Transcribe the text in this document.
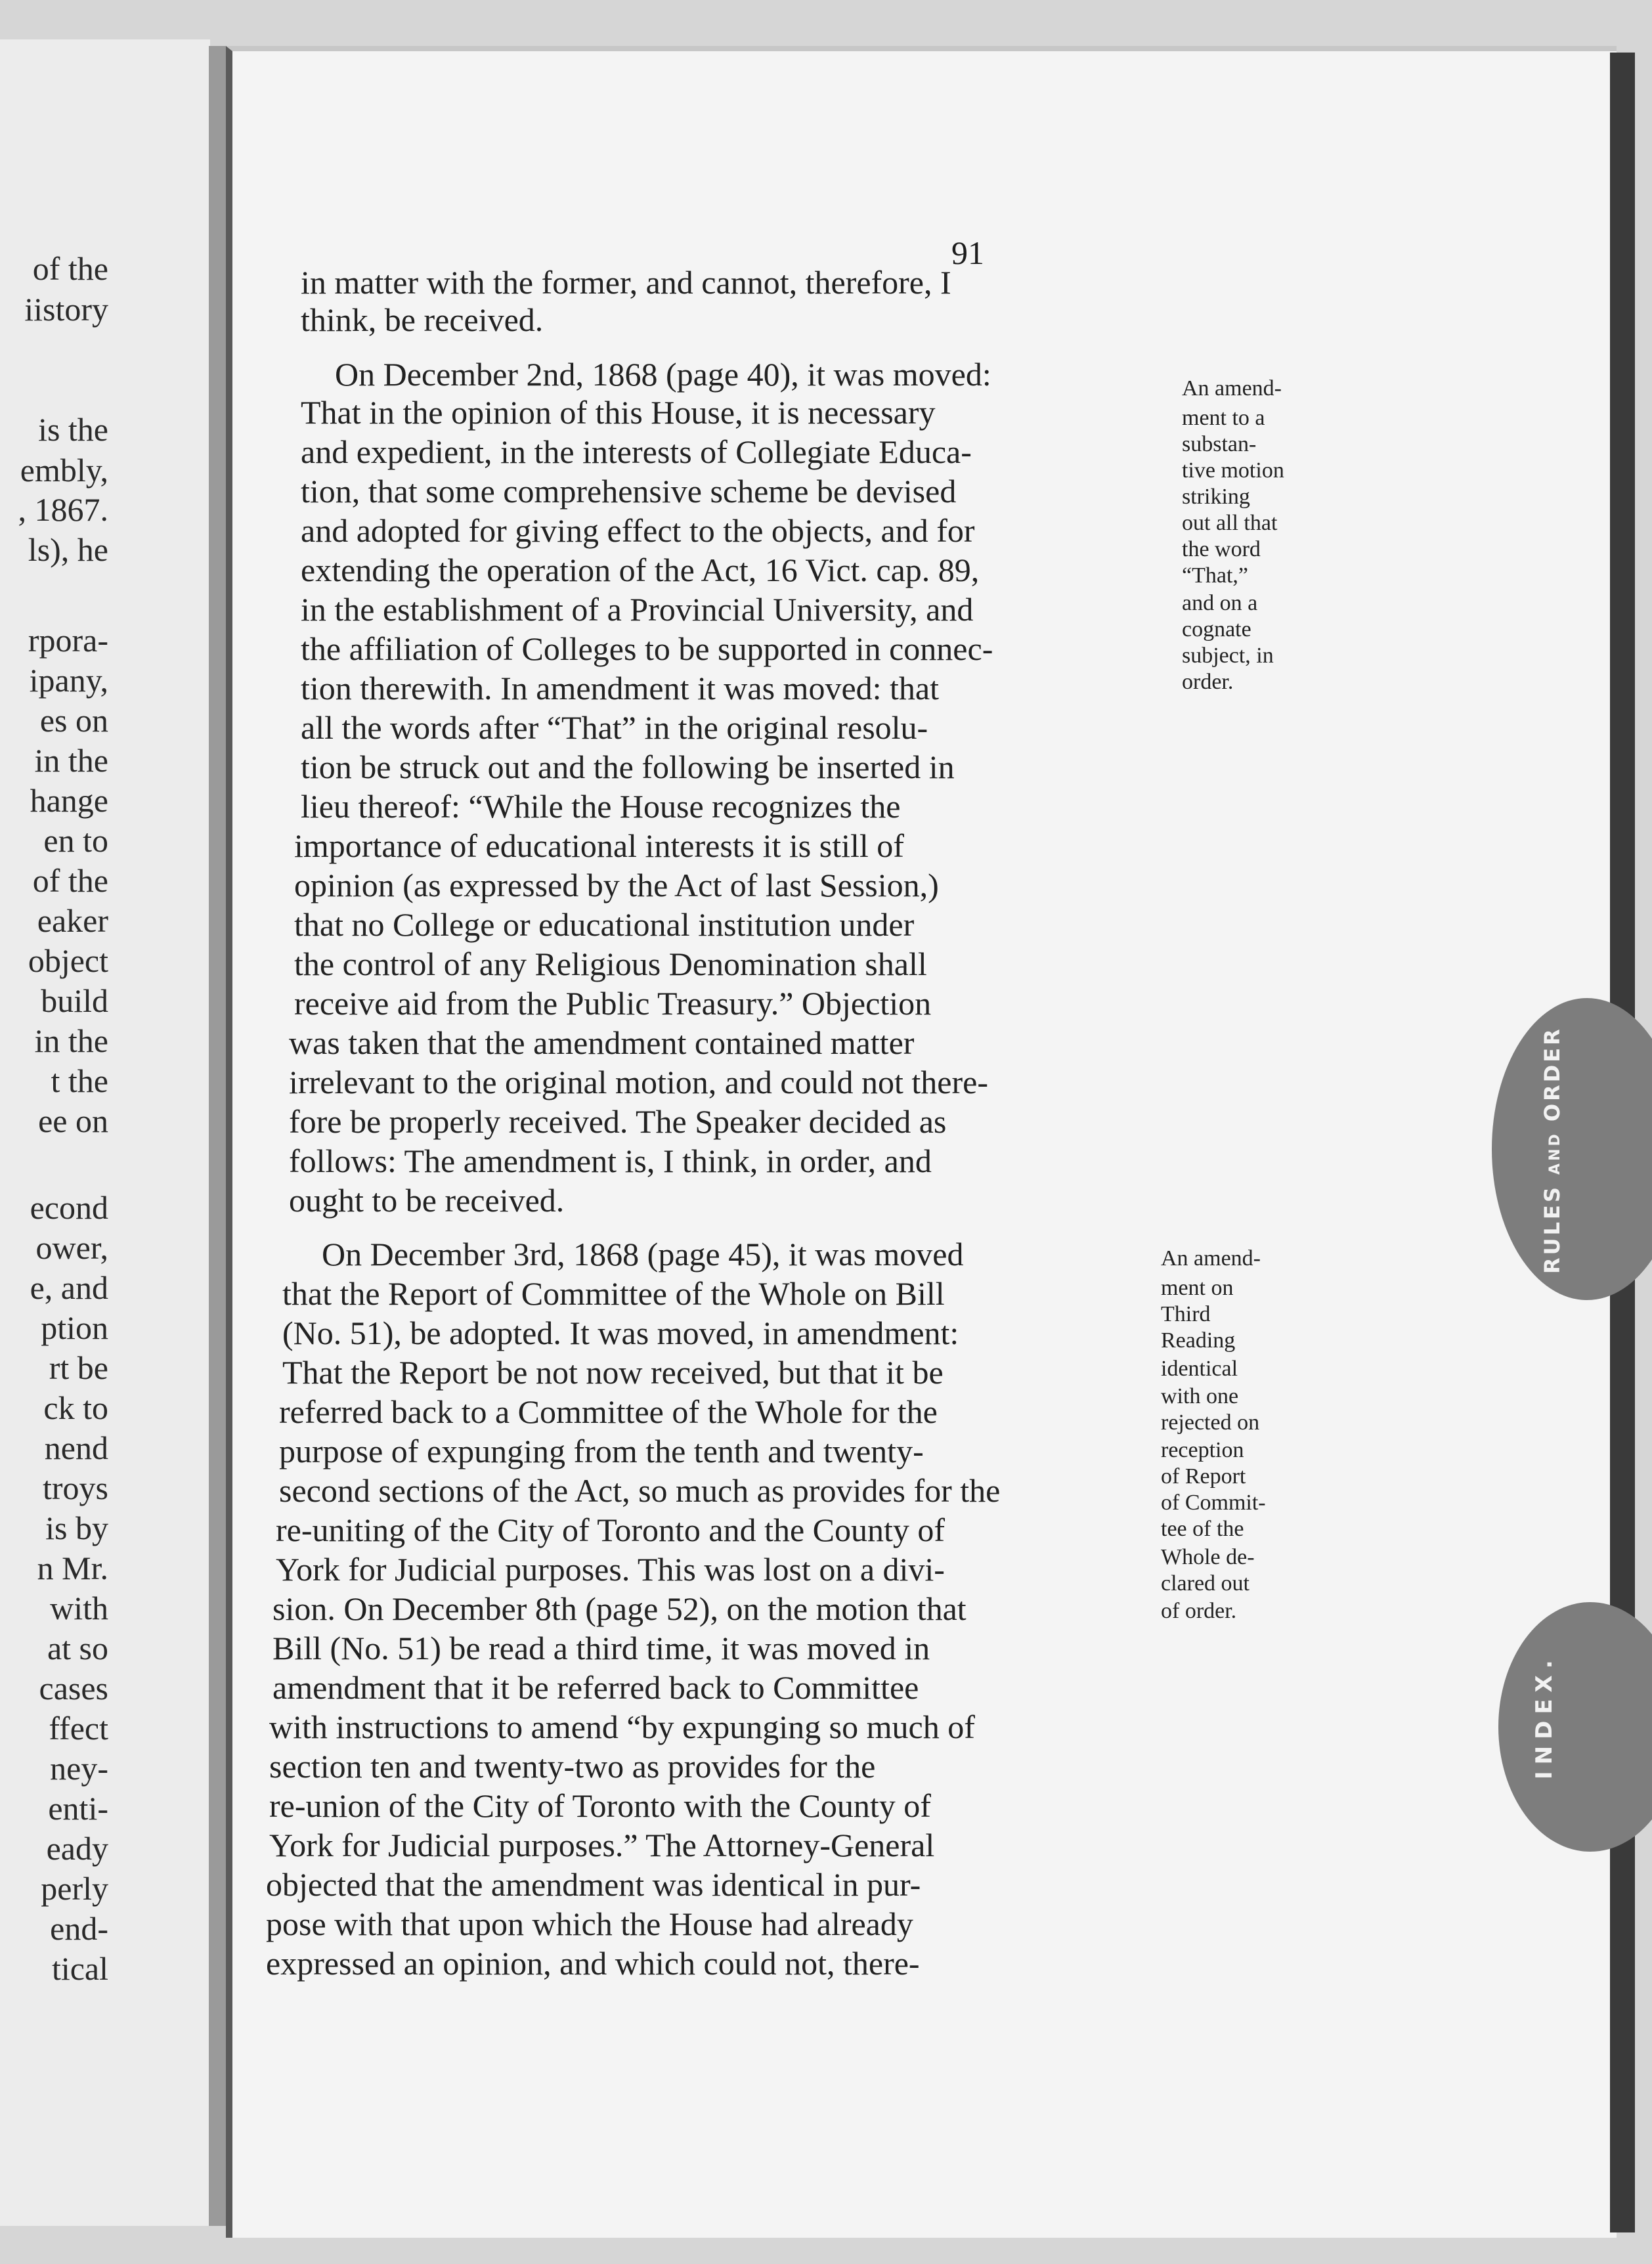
of the
iistory
is the
embly,
, 1867.
ls), he
rpora-
ipany,
es on
in the
hange
en to
of the
eaker
object
build
in the
t the
ee on
econd
ower,
e, and
ption
rt be
ck to
nend
troys
is by
n Mr.
with
at so
cases
ffect
ney-
enti-
eady
perly
end-
tical
91
in matter with the former, and cannot, therefore, I
think, be received.
On December 2nd, 1868 (page 40), it was moved:
That in the opinion of this House, it is necessary
and expedient, in the interests of Collegiate Educa-
tion, that some comprehensive scheme be devised
and adopted for giving effect to the objects, and for
extending the operation of the Act, 16 Vict. cap. 89,
in the establishment of a Provincial University, and
the affiliation of Colleges to be supported in connec-
tion therewith. In amendment it was moved: that
all the words after “That” in the original resolu-
tion be struck out and the following be inserted in
lieu thereof: “While the House recognizes the
importance of educational interests it is still of
opinion (as expressed by the Act of last Session,)
that no College or educational institution under
the control of any Religious Denomination shall
receive aid from the Public Treasury.” Objection
was taken that the amendment contained matter
irrelevant to the original motion, and could not there-
fore be properly received. The Speaker decided as
follows: The amendment is, I think, in order, and
ought to be received.
On December 3rd, 1868 (page 45), it was moved
that the Report of Committee of the Whole on Bill
(No. 51), be adopted. It was moved, in amendment:
That the Report be not now received, but that it be
referred back to a Committee of the Whole for the
purpose of expunging from the tenth and twenty-
second sections of the Act, so much as provides for the
re-uniting of the City of Toronto and the County of
York for Judicial purposes. This was lost on a divi-
sion. On December 8th (page 52), on the motion that
Bill (No. 51) be read a third time, it was moved in
amendment that it be referred back to Committee
with instructions to amend “by expunging so much of
section ten and twenty-two as provides for the
re-union of the City of Toronto with the County of
York for Judicial purposes.” The Attorney-General
objected that the amendment was identical in pur-
pose with that upon which the House had already
expressed an opinion, and which could not, there-
An amend-
ment to a
substan-
tive motion
striking
out all that
the word
“That,”
and on a
cognate
subject, in
order.
An amend-
ment on
Third
Reading
identical
with one
rejected on
reception
of Report
of Commit-
tee of the
Whole de-
clared out
of order.
RULES AND ORDER
INDEX.
